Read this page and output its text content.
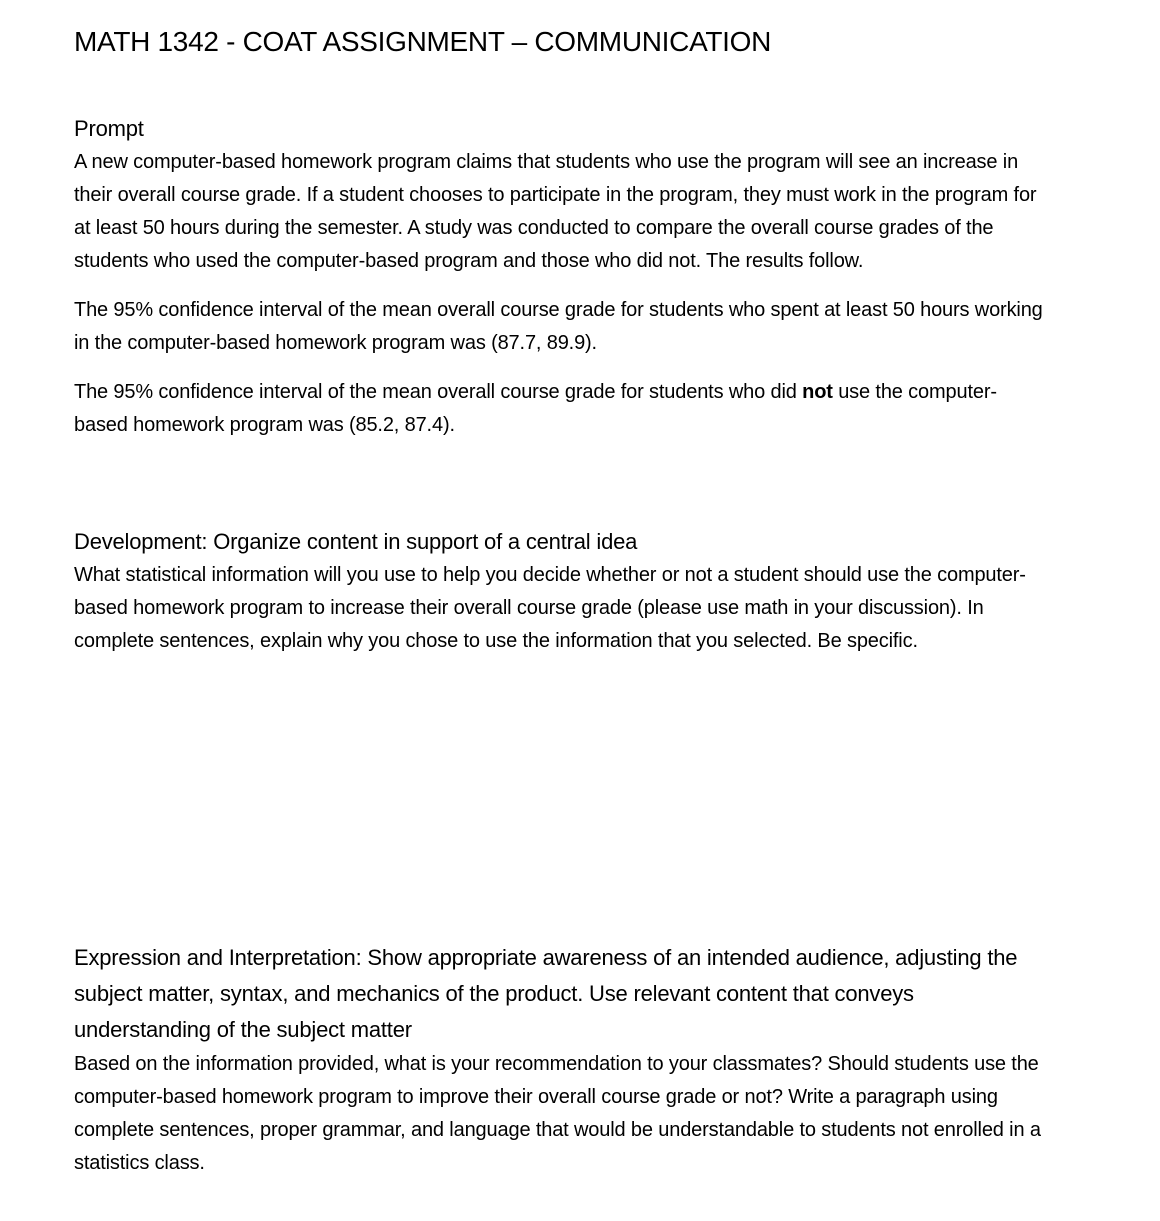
MATH 1342 - COAT ASSIGNMENT – COMMUNICATION

Prompt

A new computer-based homework program claims that students who use the program will see an increase in their overall course grade. If a student chooses to participate in the program, they must work in the program for at least 50 hours during the semester. A study was conducted to compare the overall course grades of the students who used the computer-based program and those who did not. The results follow.

The 95% confidence interval of the mean overall course grade for students who spent at least 50 hours working in the computer-based homework program was (87.7, 89.9).

The 95% confidence interval of the mean overall course grade for students who did not use the computer-based homework program was (85.2, 87.4).

Development: Organize content in support of a central idea

What statistical information will you use to help you decide whether or not a student should use the computer-based homework program to increase their overall course grade (please use math in your discussion). In complete sentences, explain why you chose to use the information that you selected. Be specific.

Expression and Interpretation: Show appropriate awareness of an intended audience, adjusting the subject matter, syntax, and mechanics of the product. Use relevant content that conveys understanding of the subject matter

Based on the information provided, what is your recommendation to your classmates? Should students use the computer-based homework program to improve their overall course grade or not? Write a paragraph using complete sentences, proper grammar, and language that would be understandable to students not enrolled in a statistics class.
